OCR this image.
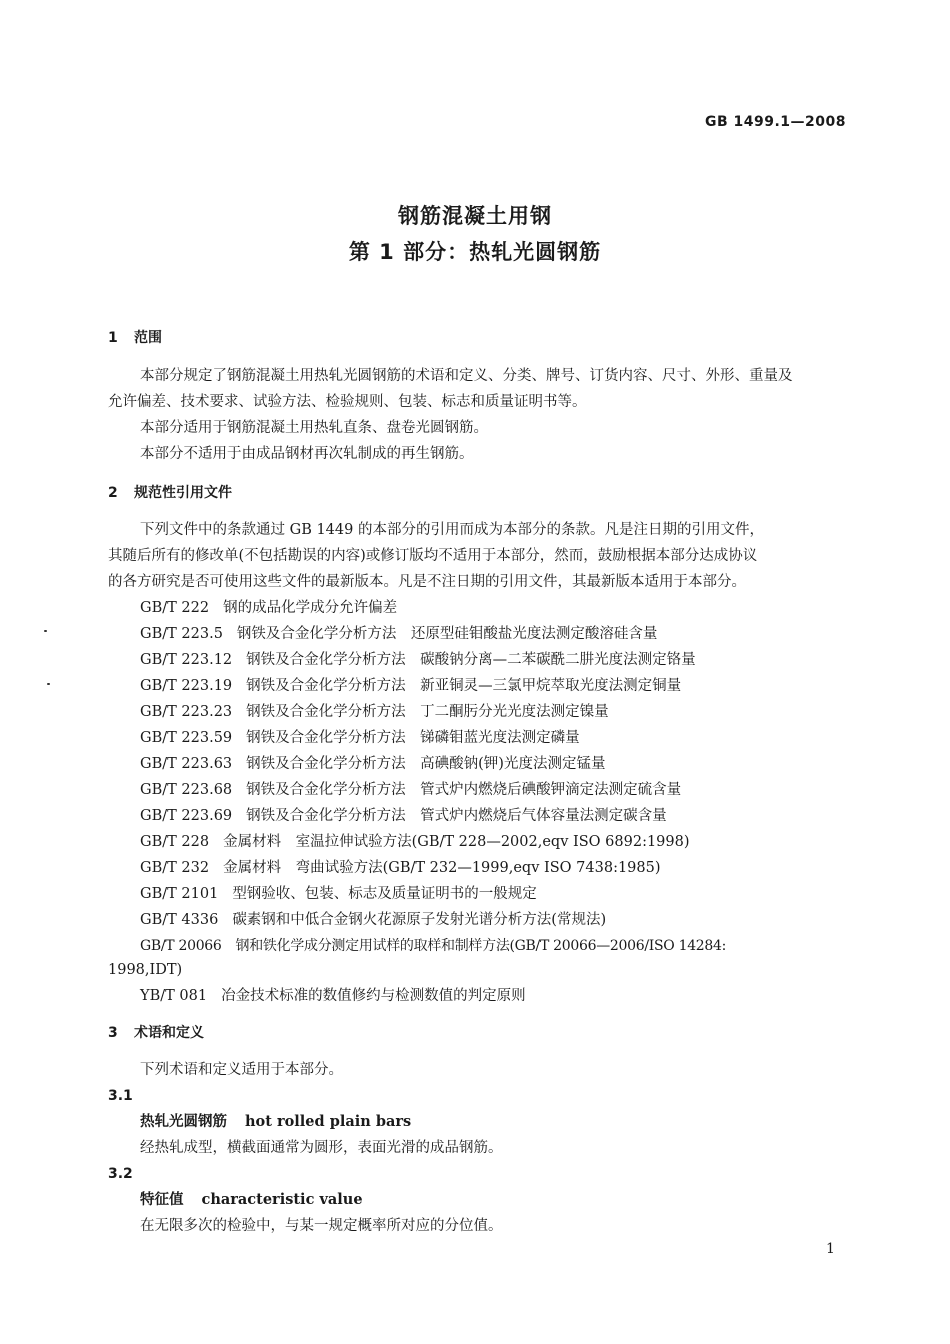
GB 1499.1—2008
钢筋混凝土用钢
第 1 部分：热轧光圆钢筋
1 范围
本部分规定了钢筋混凝土用热轧光圆钢筋的术语和定义、分类、牌号、订货内容、尺寸、外形、重量及
允许偏差、技术要求、试验方法、检验规则、包装、标志和质量证明书等。
本部分适用于钢筋混凝土用热轧直条、盘卷光圆钢筋。
本部分不适用于由成品钢材再次轧制成的再生钢筋。
2 规范性引用文件
下列文件中的条款通过 GB 1449 的本部分的引用而成为本部分的条款。凡是注日期的引用文件，
其随后所有的修改单(不包括勘误的内容)或修订版均不适用于本部分，然而，鼓励根据本部分达成协议
的各方研究是否可使用这些文件的最新版本。凡是不注日期的引用文件，其最新版本适用于本部分。
GB/T 222 钢的成品化学成分允许偏差
GB/T 223.5 钢铁及合金化学分析方法　还原型硅钼酸盐光度法测定酸溶硅含量
GB/T 223.12 钢铁及合金化学分析方法　碳酸钠分离—二苯碳酰二肼光度法测定铬量
GB/T 223.19 钢铁及合金化学分析方法　新亚铜灵—三氯甲烷萃取光度法测定铜量
GB/T 223.23 钢铁及合金化学分析方法　丁二酮肟分光光度法测定镍量
GB/T 223.59 钢铁及合金化学分析方法　锑磷钼蓝光度法测定磷量
GB/T 223.63 钢铁及合金化学分析方法　高碘酸钠(钾)光度法测定锰量
GB/T 223.68 钢铁及合金化学分析方法　管式炉内燃烧后碘酸钾滴定法测定硫含量
GB/T 223.69 钢铁及合金化学分析方法　管式炉内燃烧后气体容量法测定碳含量
GB/T 228 金属材料　室温拉伸试验方法(GB/T 228—2002,eqv ISO 6892:1998)
GB/T 232 金属材料　弯曲试验方法(GB/T 232—1999,eqv ISO 7438:1985)
GB/T 2101 型钢验收、包装、标志及质量证明书的一般规定
GB/T 4336 碳素钢和中低合金钢火花源原子发射光谱分析方法(常规法)
GB/T 20066 钢和铁化学成分测定用试样的取样和制样方法(GB/T 20066—2006/ISO 14284:
1998,IDT)
YB/T 081 冶金技术标准的数值修约与检测数值的判定原则
3 术语和定义
下列术语和定义适用于本部分。
3.1
热轧光圆钢筋 hot rolled plain bars
经热轧成型，横截面通常为圆形，表面光滑的成品钢筋。
3.2
特征值 characteristic value
在无限多次的检验中，与某一规定概率所对应的分位值。
1
